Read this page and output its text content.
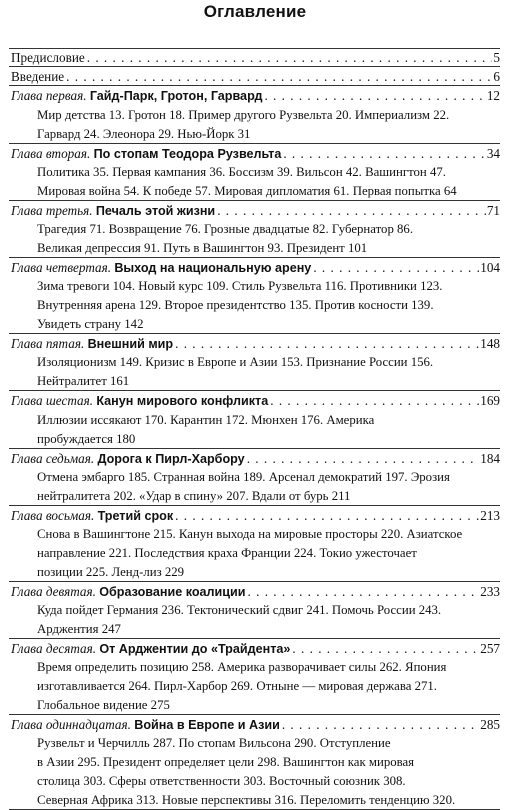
Оглавление
Предисловие . . .	5
Введение . . .	6
Глава первая. Гайд-Парк, Гротон, Гарвард . . .	12
Мир детства 13. Гротон 18. Пример другого Рузвельта 20. Империализм 22.
Гарвард 24. Элеонора 29. Нью-Йорк 31
Глава вторая. По стопам Теодора Рузвельта . . .	34
Политика 35. Первая кампания 36. Боссизм 39. Вильсон 42. Вашингтон 47.
Мировая война 54. К победе 57. Мировая дипломатия 61. Первая попытка 64
Глава третья. Печаль этой жизни . . .	71
Трагедия 71. Возвращение 76. Грозные двадцатые 82. Губернатор 86.
Великая депрессия 91. Путь в Вашингтон 93. Президент 101
Глава четвертая. Выход на национальную арену . . .	104
Зима тревоги 104. Новый курс 109. Стиль Рузвельта 116. Противники 123.
Внутренняя арена 129. Второе президентство 135. Против косности 139.
Увидеть страну 142
Глава пятая. Внешний мир . . .	148
Изоляционизм 149. Кризис в Европе и Азии 153. Признание России 156.
Нейтралитет 161
Глава шестая. Канун мирового конфликта . . .	169
Иллюзии иссякают 170. Карантин 172. Мюнхен 176. Америка
пробуждается 180
Глава седьмая. Дорога к Пирл-Харбору . . .	184
Отмена эмбарго 185. Странная война 189. Арсенал демократий 197. Эрозия
нейтралитета 202. «Удар в спину» 207. Вдали от бурь 211
Глава восьмая. Третий срок . . .	213
Снова в Вашингтоне 215. Канун выхода на мировые просторы 220. Азиатское
направление 221. Последствия краха Франции 224. Токио ужесточает
позиции 225. Ленд-лиз 229
Глава девятая. Образование коалиции . . .	233
Куда пойдет Германия 236. Тектонический сдвиг 241. Помочь России 243.
Арджентия 247
Глава десятая. От Арджентии до «Трайдента» . . .	257
Время определить позицию 258. Америка разворачивает силы 262. Япония
изготавливается 264. Пирл-Харбор 269. Отныне — мировая держава 271.
Глобальное видение 275
Глава одиннадцатая. Война в Европе и Азии . . .	285
Рузвельт и Черчилль 287. По стопам Вильсона 290. Отступление
в Азии 295. Президент определяет цели 298. Вашингтон как мировая
столица 303. Сферы ответственности 303. Восточный союзник 308.
Северная Африка 313. Новые перспективы 316. Переломить тенденцию 320.
